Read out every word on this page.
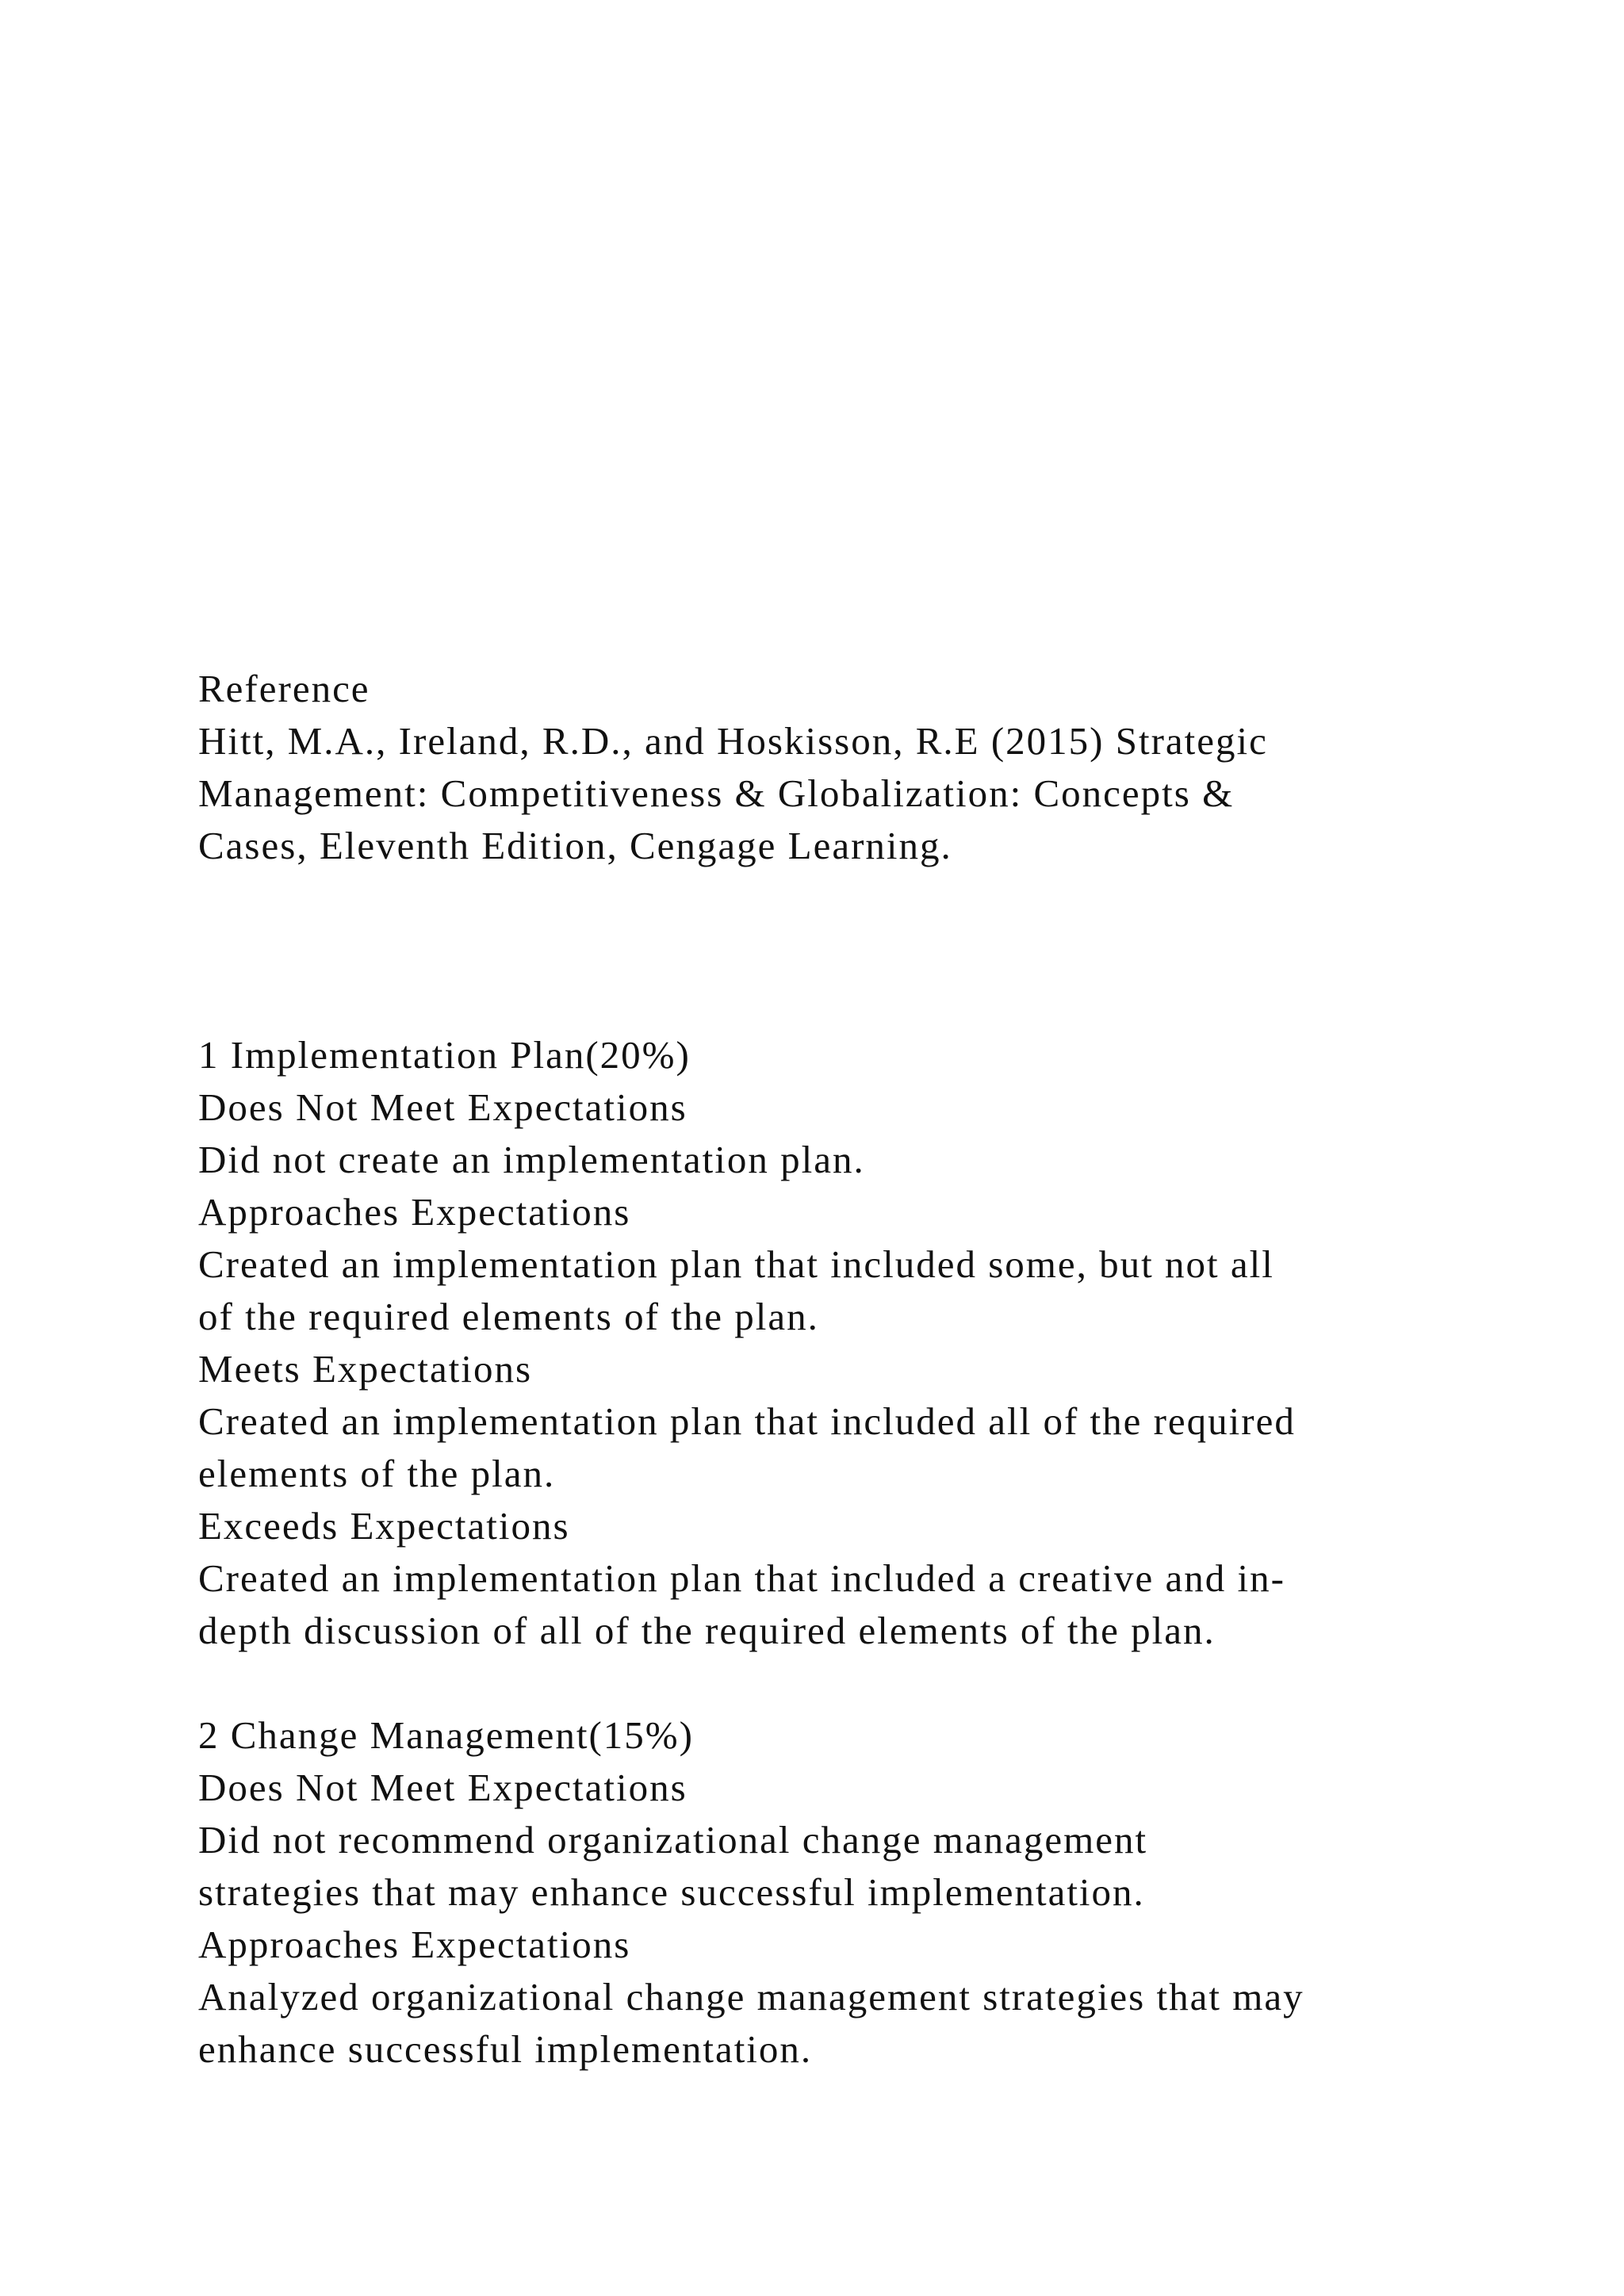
Reference
Hitt, M.A., Ireland, R.D., and Hoskisson, R.E (2015) Strategic
Management: Competitiveness & Globalization: Concepts &
Cases, Eleventh Edition, Cengage Learning.
1 Implementation Plan(20%)
Does Not Meet Expectations
Did not create an implementation plan.
Approaches Expectations
Created an implementation plan that included some, but not all
of the required elements of the plan.
Meets Expectations
Created an implementation plan that included all of the required
elements of the plan.
Exceeds Expectations
Created an implementation plan that included a creative and in-
depth discussion of all of the required elements of the plan.
2 Change Management(15%)
Does Not Meet Expectations
Did not recommend organizational change management
strategies that may enhance successful implementation.
Approaches Expectations
Analyzed organizational change management strategies that may
enhance successful implementation.
